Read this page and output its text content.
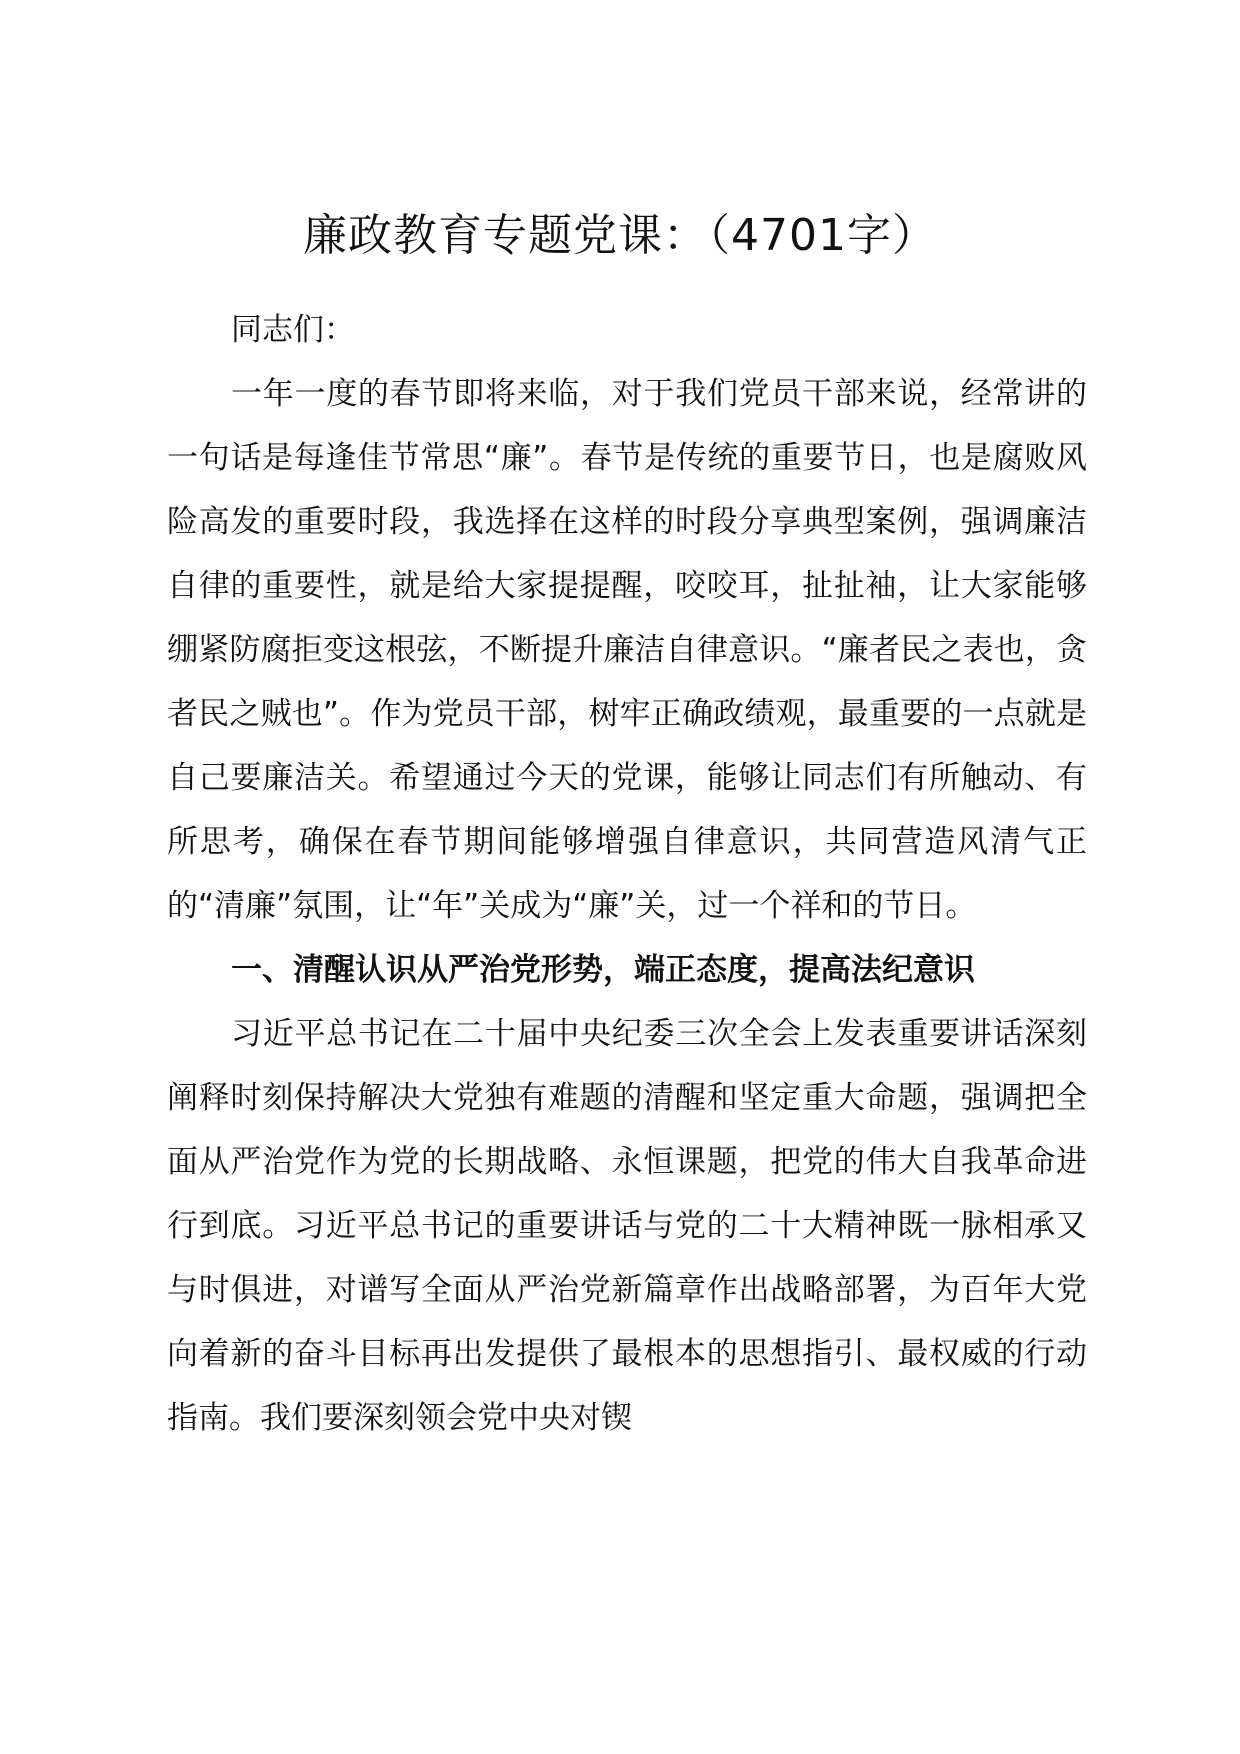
廉政教育专题党课：（4701字）

同志们：

一年一度的春节即将来临，对于我们党员干部来说，经常讲的一句话是每逢佳节常思“廉”。春节是传统的重要节日，也是腐败风险高发的重要时段，我选择在这样的时段分享典型案例，强调廉洁自律的重要性，就是给大家提提醒，咬咬耳，扯扯袖，让大家能够绷紧防腐拒变这根弦，不断提升廉洁自律意识。“廉者民之表也，贪者民之贼也”。作为党员干部，树牢正确政绩观，最重要的一点就是自己要廉洁关。希望通过今天的党课，能够让同志们有所触动、有所思考，确保在春节期间能够增强自律意识，共同营造风清气正的“清廉”氛围，让“年”关成为“廉”关，过一个祥和的节日。

一、清醒认识从严治党形势，端正态度，提高法纪意识

习近平总书记在二十届中央纪委三次全会上发表重要讲话深刻阐释时刻保持解决大党独有难题的清醒和坚定重大命题，强调把全面从严治党作为党的长期战略、永恒课题，把党的伟大自我革命进行到底。习近平总书记的重要讲话与党的二十大精神既一脉相承又与时俱进，对谱写全面从严治党新篇章作出战略部署，为百年大党向着新的奋斗目标再出发提供了最根本的思想指引、最权威的行动指南。我们要深刻领会党中央对锲
